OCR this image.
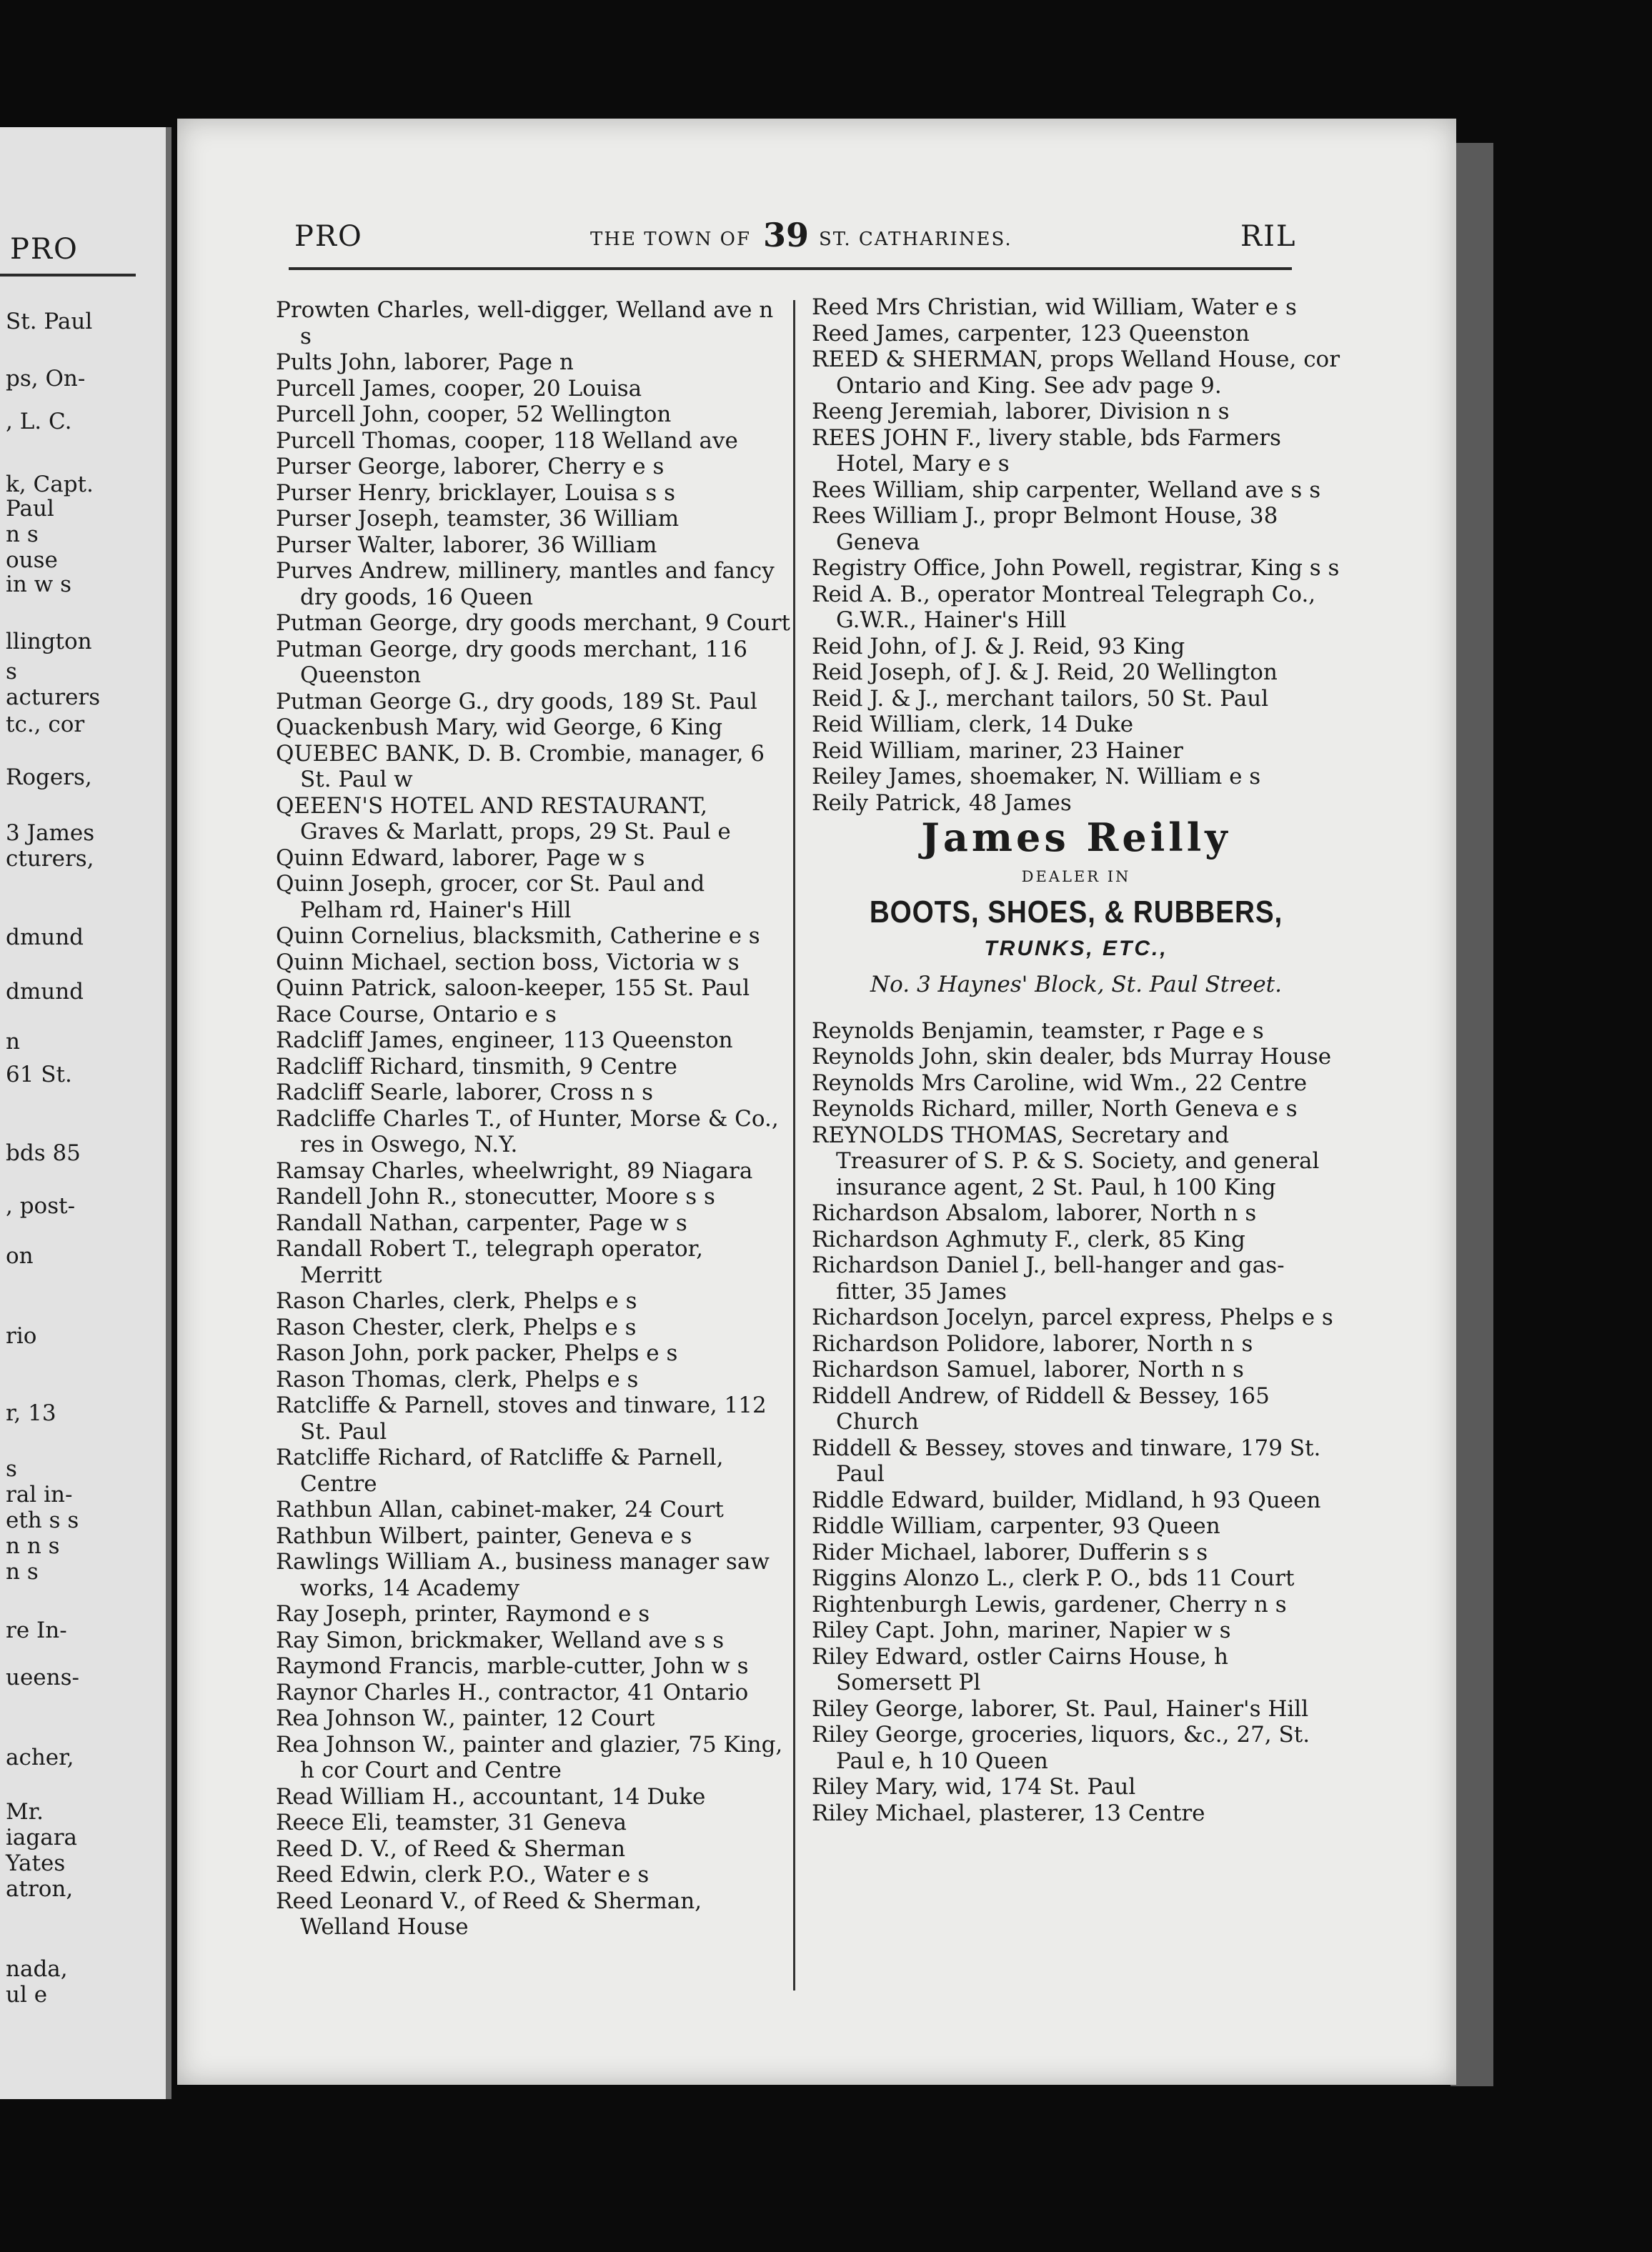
PRO
St. Paul
ps, On-
, L. C.
k, Capt.
Paul
n s
ouse
in w s
llington
s
acturers
tc., cor
Rogers,
3 James
cturers,
dmund
dmund
n
61 St.
bds 85
, post-
on
rio
r, 13
s
ral in-
eth s s
n n s
n s
re In-
ueens-
acher,
Mr.
iagara
Yates
atron,
nada,
ul e
PRO	THE TOWN OF 39 ST. CATHARINES.	RIL
Prowten Charles, well-digger, Welland ave n s
Pults John, laborer, Page n
Purcell James, cooper, 20 Louisa
Purcell John, cooper, 52 Wellington
Purcell Thomas, cooper, 118 Welland ave
Purser George, laborer, Cherry e s
Purser Henry, bricklayer, Louisa s s
Purser Joseph, teamster, 36 William
Purser Walter, laborer, 36 William
Purves Andrew, millinery, mantles and fancy dry goods, 16 Queen
Putman George, dry goods merchant, 9 Court
Putman George, dry goods merchant, 116 Queenston
Putman George G., dry goods, 189 St. Paul
Quackenbush Mary, wid George, 6 King
QUEBEC BANK, D. B. Crombie, manager, 6 St. Paul w
QEEEN'S HOTEL AND RESTAURANT, Graves & Marlatt, props, 29 St. Paul e
Quinn Edward, laborer, Page w s
Quinn Joseph, grocer, cor St. Paul and Pelham rd, Hainer's Hill
Quinn Cornelius, blacksmith, Catherine e s
Quinn Michael, section boss, Victoria w s
Quinn Patrick, saloon-keeper, 155 St. Paul
Race Course, Ontario e s
Radcliff James, engineer, 113 Queenston
Radcliff Richard, tinsmith, 9 Centre
Radcliff Searle, laborer, Cross n s
Radcliffe Charles T., of Hunter, Morse & Co., res in Oswego, N.Y.
Ramsay Charles, wheelwright, 89 Niagara
Randell John R., stonecutter, Moore s s
Randall Nathan, carpenter, Page w s
Randall Robert T., telegraph operator, Merritt
Rason Charles, clerk, Phelps e s
Rason Chester, clerk, Phelps e s
Rason John, pork packer, Phelps e s
Rason Thomas, clerk, Phelps e s
Ratcliffe & Parnell, stoves and tinware, 112 St. Paul
Ratcliffe Richard, of Ratcliffe & Parnell, Centre
Rathbun Allan, cabinet-maker, 24 Court
Rathbun Wilbert, painter, Geneva e s
Rawlings William A., business manager saw works, 14 Academy
Ray Joseph, printer, Raymond e s
Ray Simon, brickmaker, Welland ave s s
Raymond Francis, marble-cutter, John w s
Raynor Charles H., contractor, 41 Ontario
Rea Johnson W., painter, 12 Court
Rea Johnson W., painter and glazier, 75 King, h cor Court and Centre
Read William H., accountant, 14 Duke
Reece Eli, teamster, 31 Geneva
Reed D. V., of Reed & Sherman
Reed Edwin, clerk P.O., Water e s
Reed Leonard V., of Reed & Sherman, Welland House
Reed Mrs Christian, wid William, Water e s
Reed James, carpenter, 123 Queenston
REED & SHERMAN, props Welland House, cor Ontario and King. See adv page 9.
Reeng Jeremiah, laborer, Division n s
REES JOHN F., livery stable, bds Farmers Hotel, Mary e s
Rees William, ship carpenter, Welland ave s s
Rees William J., propr Belmont House, 38 Geneva
Registry Office, John Powell, registrar, King s s
Reid A. B., operator Montreal Telegraph Co., G.W.R., Hainer's Hill
Reid John, of J. & J. Reid, 93 King
Reid Joseph, of J. & J. Reid, 20 Wellington
Reid J. & J., merchant tailors, 50 St. Paul
Reid William, clerk, 14 Duke
Reid William, mariner, 23 Hainer
Reiley James, shoemaker, N. William e s
Reily Patrick, 48 James
James Reilly
DEALER IN
BOOTS, SHOES, & RUBBERS,
TRUNKS, ETC.,
No. 3 Haynes' Block, St. Paul Street.
Reynolds Benjamin, teamster, r Page e s
Reynolds John, skin dealer, bds Murray House
Reynolds Mrs Caroline, wid Wm., 22 Centre
Reynolds Richard, miller, North Geneva e s
REYNOLDS THOMAS, Secretary and Treasurer of S. P. & S. Society, and general insurance agent, 2 St. Paul, h 100 King
Richardson Absalom, laborer, North n s
Richardson Aghmuty F., clerk, 85 King
Richardson Daniel J., bell-hanger and gas-fitter, 35 James
Richardson Jocelyn, parcel express, Phelps e s
Richardson Polidore, laborer, North n s
Richardson Samuel, laborer, North n s
Riddell Andrew, of Riddell & Bessey, 165 Church
Riddell & Bessey, stoves and tinware, 179 St. Paul
Riddle Edward, builder, Midland, h 93 Queen
Riddle William, carpenter, 93 Queen
Rider Michael, laborer, Dufferin s s
Riggins Alonzo L., clerk P. O., bds 11 Court
Rightenburgh Lewis, gardener, Cherry n s
Riley Capt. John, mariner, Napier w s
Riley Edward, ostler Cairns House, h Somersett Pl
Riley George, laborer, St. Paul, Hainer's Hill
Riley George, groceries, liquors, &c., 27, St. Paul e, h 10 Queen
Riley Mary, wid, 174 St. Paul
Riley Michael, plasterer, 13 Centre
